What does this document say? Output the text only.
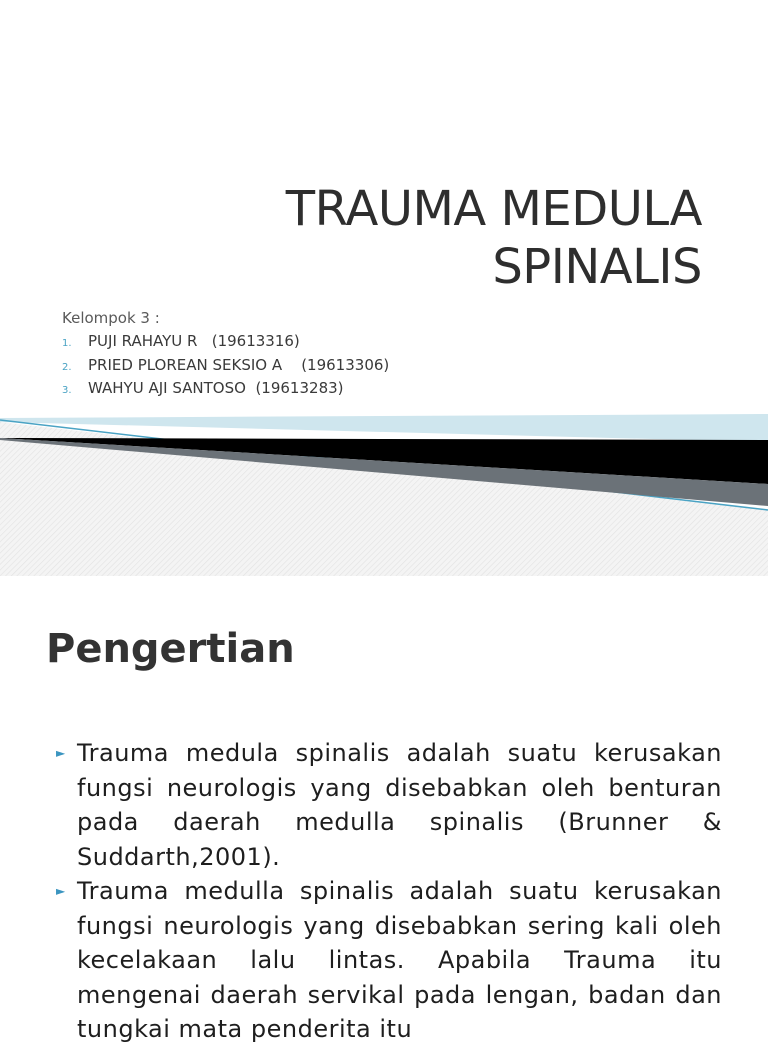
TRAUMA MEDULA
SPINALIS
Kelompok 3 :
1.	PUJI RAHAYU R   (19613316)
2.	PRIED PLOREAN SEKSIO A    (19613306)
3.	WAHYU AJI SANTOSO  (19613283)
Pengertian
► Trauma medula spinalis adalah suatu kerusakan fungsi neurologis yang disebabkan oleh benturan pada daerah medulla spinalis (Brunner & Suddarth,2001).
► Trauma medulla spinalis adalah suatu kerusakan fungsi neurologis yang disebabkan sering kali oleh kecelakaan lalu lintas. Apabila Trauma itu mengenai daerah servikal pada lengan, badan dan tungkai mata penderita itu
